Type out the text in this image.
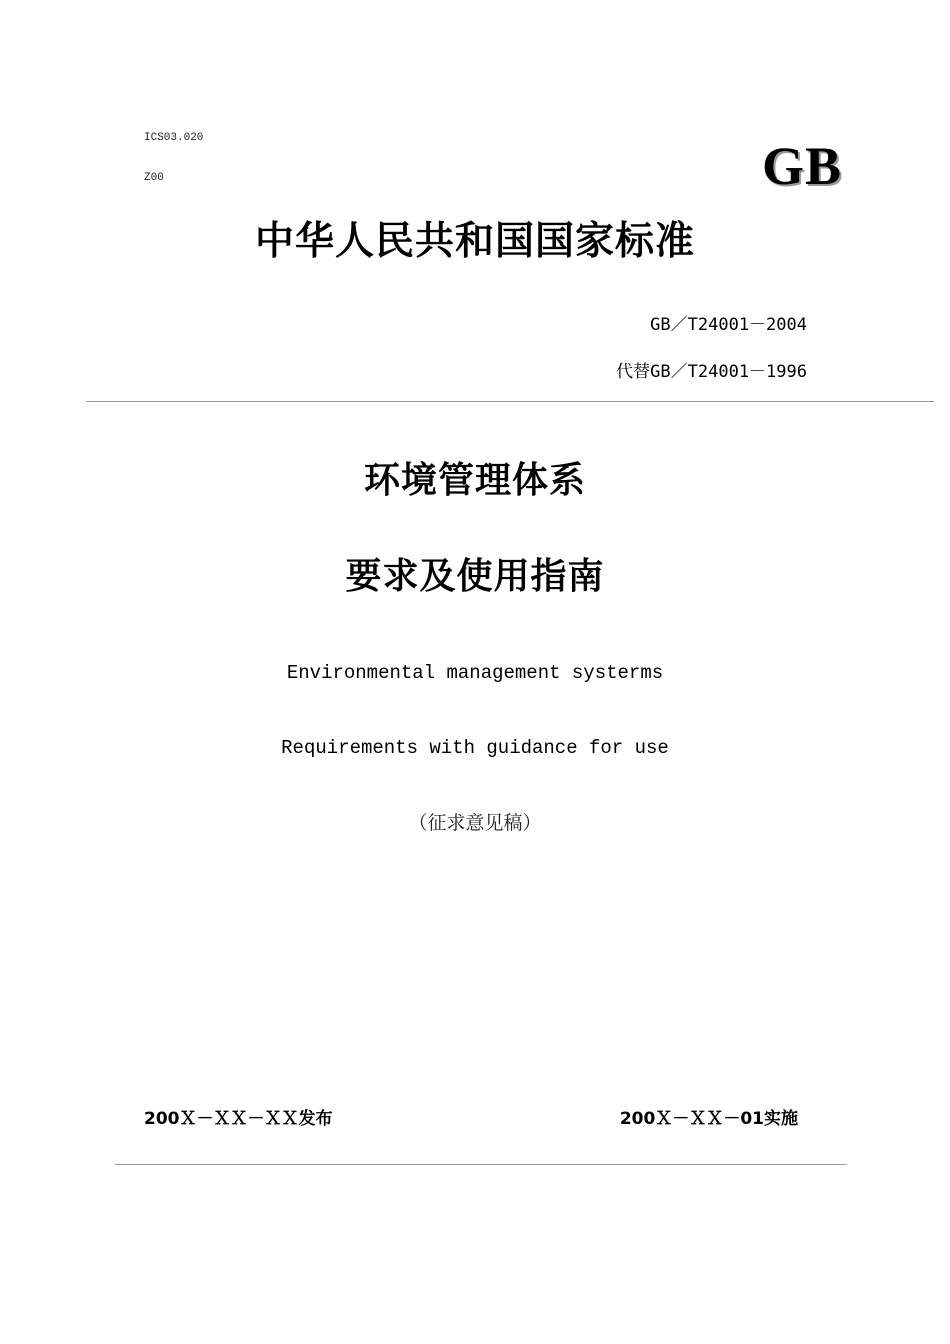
ICS03.020
Z00	GB
中华人民共和国国家标准
GB／T24001－2004
代替GB／T24001－1996
环境管理体系
要求及使用指南
Environmental management systerms
Requirements with guidance for use
（征求意见稿）
200Ｘ－ＸＸ－ＸＸ发布	200Ｘ－ＸＸ－01实施
